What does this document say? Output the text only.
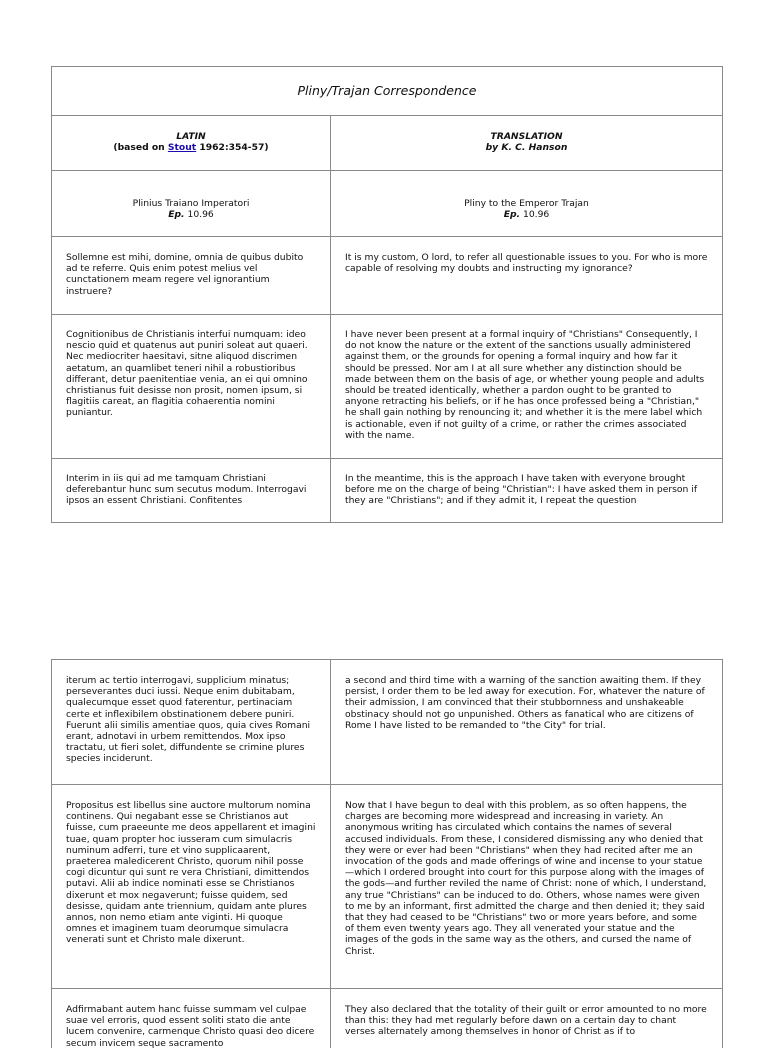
Pliny/Trajan Correspondence
LATIN
(based on Stout 1962:354-57)
TRANSLATION
by K. C. Hanson
Plinius Traiano Imperatori
Ep. 10.96
Pliny to the Emperor Trajan
Ep. 10.96
Sollemne est mihi, domine, omnia de quibus dubito ad te referre. Quis enim potest melius vel cunctationem meam regere vel ignorantium instruere?
It is my custom, O lord, to refer all questionable issues to you. For who is more capable of resolving my doubts and instructing my ignorance?
Cognitionibus de Christianis interfui numquam: ideo nescio quid et quatenus aut puniri soleat aut quaeri. Nec mediocriter haesitavi, sitne aliquod discrimen aetatum, an quamlibet teneri nihil a robustioribus differant, detur paenitentiae venia, an ei qui omnino christianus fuit desisse non prosit, nomen ipsum, si flagitiis careat, an flagitia cohaerentia nomini puniantur.
I have never been present at a formal inquiry of "Christians" Consequently, I do not know the nature or the extent of the sanctions usually administered against them, or the grounds for opening a formal inquiry and how far it should be pressed. Nor am I at all sure whether any distinction should be made between them on the basis of age, or whether young people and adults should be treated identically, whether a pardon ought to be granted to anyone retracting his beliefs, or if he has once professed being a "Christian," he shall gain nothing by renouncing it; and whether it is the mere label which is actionable, even if not guilty of a crime, or rather the crimes associated with the name.
Interim in iis qui ad me tamquam Christiani deferebantur hunc sum secutus modum. Interrogavi ipsos an essent Christiani. Confitentes
In the meantime, this is the approach I have taken with everyone brought before me on the charge of being "Christian": I have asked them in person if they are "Christians"; and if they admit it, I repeat the question
iterum ac tertio interrogavi, supplicium minatus; perseverantes duci iussi. Neque enim dubitabam, qualecumque esset quod faterentur, pertinaciam certe et inflexibilem obstinationem debere puniri. Fuerunt alii similis amentiae quos, quia cives Romani erant, adnotavi in urbem remittendos. Mox ipso tractatu, ut fieri solet, diffundente se crimine plures species inciderunt.
a second and third time with a warning of the sanction awaiting them. If they persist, I order them to be led away for execution. For, whatever the nature of their admission, I am convinced that their stubbornness and unshakeable obstinacy should not go unpunished. Others as fanatical who are citizens of Rome I have listed to be remanded to "the City" for trial.
Propositus est libellus sine auctore multorum nomina continens. Qui negabant esse se Christianos aut fuisse, cum praeeunte me deos appellarent et imagini tuae, quam propter hoc iusseram cum simulacris numinum adferri, ture et vino supplicaarent, praeterea maledicerent Christo, quorum nihil posse cogi dicuntur qui sunt re vera Christiani, dimittendos putavi. Alii ab indice nominati esse se Christianos dixerunt et mox negaverunt; fuisse quidem, sed desisse, quidam ante triennium, quidam ante plures annos, non nemo etiam ante viginti. Hi quoque omnes et imaginem tuam deorumque simulacra venerati sunt et Christo male dixerunt.
Now that I have begun to deal with this problem, as so often happens, the charges are becoming more widespread and increasing in variety. An anonymous writing has circulated which contains the names of several accused individuals. From these, I considered dismissing any who denied that they were or ever had been "Christians" when they had recited after me an invocation of the gods and made offerings of wine and incense to your statue—which I ordered brought into court for this purpose along with the images of the gods—and further reviled the name of Christ: none of which, I understand, any true "Christians" can be induced to do. Others, whose names were given to me by an informant, first admitted the charge and then denied it; they said that they had ceased to be "Christians" two or more years before, and some of them even twenty years ago. They all venerated your statue and the images of the gods in the same way as the others, and cursed the name of Christ.
Adfirmabant autem hanc fuisse summam vel culpae suae vel erroris, quod essent soliti stato die ante lucem convenire, carmenque Christo quasi deo dicere secum invicem seque sacramento
They also declared that the totality of their guilt or error amounted to no more than this: they had met regularly before dawn on a certain day to chant verses alternately among themselves in honor of Christ as if to
